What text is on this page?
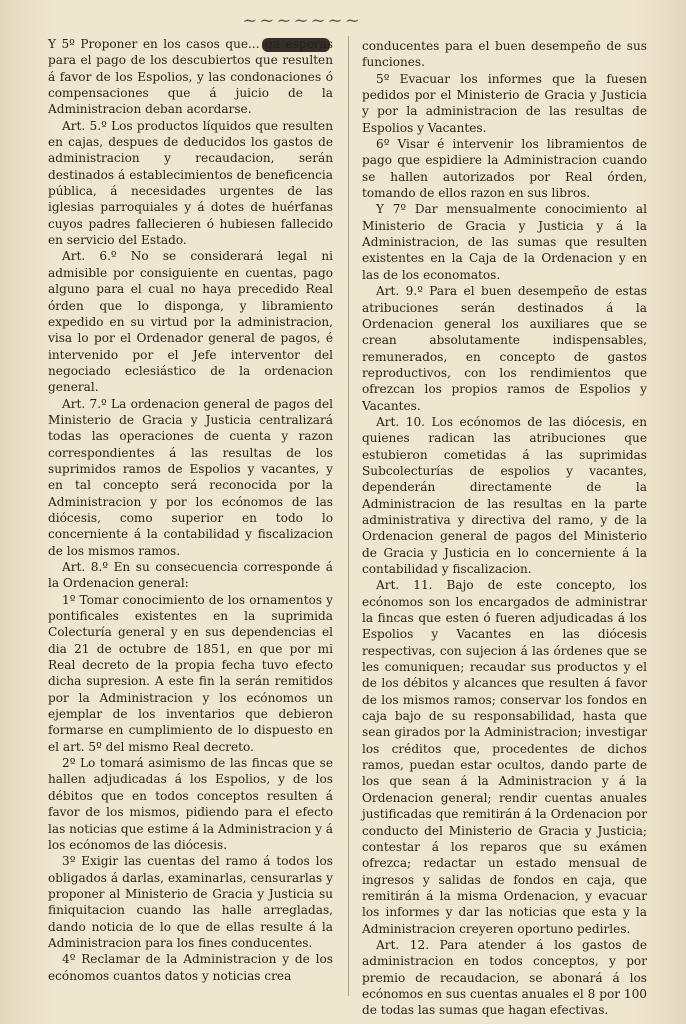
~~~~~~~

Y 5º Proponer en los casos que... ga esperas para el pago de los descubiertos que resulten á favor de los Espolios, y las condonaciones ó compensaciones que á juicio de la Administracion deban acordarse.

Art. 5.º Los productos líquidos que resulten en cajas, despues de deducidos los gastos de administracion y recaudacion, serán destinados á establecimientos de beneficencia pública, á necesidades urgentes de las iglesias parroquiales y á dotes de huérfanas cuyos padres fallecieren ó hubiesen fallecido en servicio del Estado.

Art. 6.º No se considerará legal ni admisible por consiguiente en cuentas, pago alguno para el cual no haya precedido Real órden que lo disponga, y libramiento expedido en su virtud por la administracion, visa lo por el Ordenador general de pagos, é intervenido por el Jefe interventor del negociado eclesiástico de la ordenacion general.

Art. 7.º La ordenacion general de pagos del Ministerio de Gracia y Justicia centralizará todas las operaciones de cuenta y razon correspondientes á las resultas de los suprimidos ramos de Espolios y vacantes, y en tal concepto será reconocida por la Administracion y por los ecónomos de las diócesis, como superior en todo lo concerniente á la contabilidad y fiscalizacion de los mismos ramos.

Art. 8.º En su consecuencia corresponde á la Ordenacion general:

1º Tomar conocimiento de los ornamentos y pontificales existentes en la suprimida Colecturía general y en sus dependencias el dia 21 de octubre de 1851, en que por mi Real decreto de la propia fecha tuvo efecto dicha supresion. A este fin la serán remitidos por la Administracion y los ecónomos un ejemplar de los inventarios que debieron formarse en cumplimiento de lo dispuesto en el art. 5º del mismo Real decreto.

2º Lo tomará asimismo de las fincas que se hallen adjudicadas á los Espolios, y de los débitos que en todos conceptos resulten á favor de los mismos, pidiendo para el efecto las noticias que estime á la Administracion y á los ecónomos de las diócesis.

3º Exigir las cuentas del ramo á todos los obligados á darlas, examinarlas, censurarlas y proponer al Ministerio de Gracia y Justicia su finiquitacion cuando las halle arregladas, dando noticia de lo que de ellas resulte á la Administracion para los fines conducentes.

4º Reclamar de la Administracion y de los ecónomos cuantos datos y noticias crea

conducentes para el buen desempeño de sus funciones.

5º Evacuar los informes que la fuesen pedidos por el Ministerio de Gracia y Justicia y por la administracion de las resultas de Espolios y Vacantes.

6º Visar é intervenir los libramientos de pago que espidiere la Administracion cuando se hallen autorizados por Real órden, tomando de ellos razon en sus libros.

Y 7º Dar mensualmente conocimiento al Ministerio de Gracia y Justicia y á la Administracion, de las sumas que resulten existentes en la Caja de la Ordenacion y en las de los economatos.

Art. 9.º Para el buen desempeño de estas atribuciones serán destinados á la Ordenacion general los auxiliares que se crean absolutamente indispensables, remunerados, en concepto de gastos reproductivos, con los rendimientos que ofrezcan los propios ramos de Espolios y Vacantes.

Art. 10. Los ecónomos de las diócesis, en quienes radican las atribuciones que estubieron cometidas á las suprimidas Subcolecturías de espolios y vacantes, dependerán directamente de la Administracion de las resultas en la parte administrativa y directiva del ramo, y de la Ordenacion general de pagos del Ministerio de Gracia y Justicia en lo concerniente á la contabilidad y fiscalizacion.

Art. 11. Bajo de este concepto, los ecónomos son los encargados de administrar la fincas que esten ó fueren adjudicadas á los Espolios y Vacantes en las diócesis respectivas, con sujecion á las órdenes que se les comuniquen; recaudar sus productos y el de los débitos y alcances que resulten á favor de los mismos ramos; conservar los fondos en caja bajo de su responsabilidad, hasta que sean girados por la Administracion; investigar los créditos que, procedentes de dichos ramos, puedan estar ocultos, dando parte de los que sean á la Administracion y á la Ordenacion general; rendir cuentas anuales justificadas que remitirán á la Ordenacion por conducto del Ministerio de Gracia y Justicia; contestar á los reparos que su exámen ofrezca; redactar un estado mensual de ingresos y salidas de fondos en caja, que remitirán á la misma Ordenacion, y evacuar los informes y dar las noticias que esta y la Administracion creyeren oportuno pedirles.

Art. 12. Para atender á los gastos de administracion en todos conceptos, y por premio de recaudacion, se abonará á los ecónomos en sus cuentas anuales el 8 por 100 de todas las sumas que hagan efectivas.
